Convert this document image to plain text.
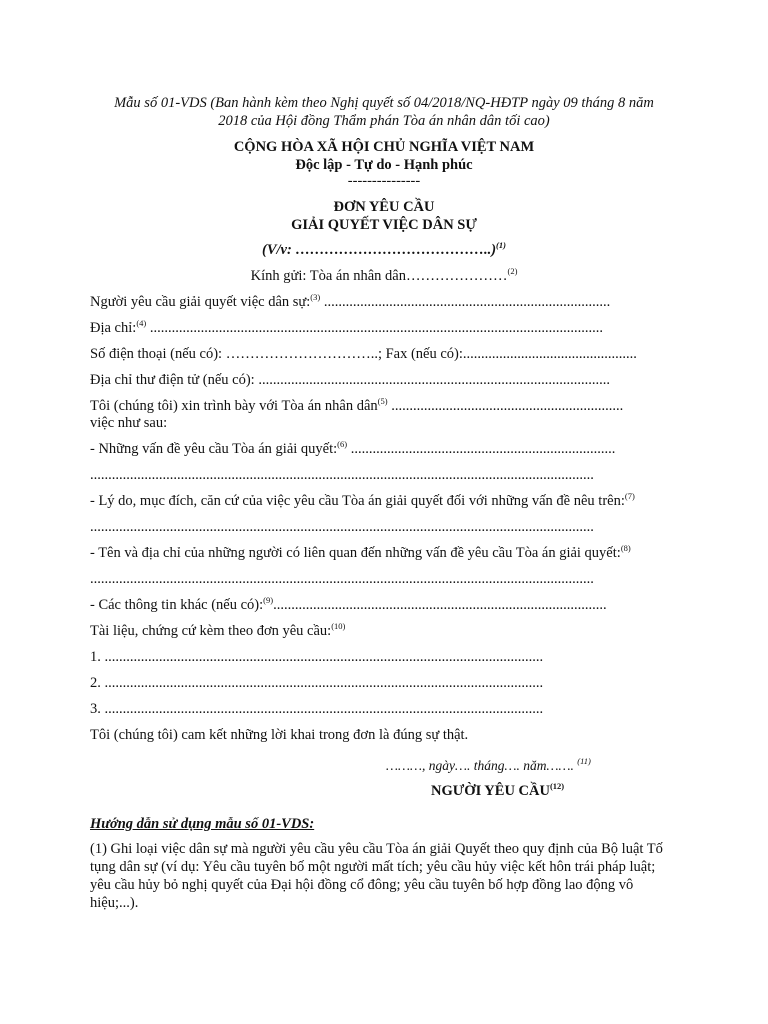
Mẫu số 01-VDS (Ban hành kèm theo Nghị quyết số 04/2018/NQ-HĐTP ngày 09 tháng 8 năm
2018 của Hội đồng Thẩm phán Tòa án nhân dân tối cao)
CỘNG HÒA XÃ HỘI CHỦ NGHĨA VIỆT NAM
Độc lập - Tự do - Hạnh phúc
---------------
ĐƠN YÊU CẦU
GIẢI QUYẾT VIỆC DÂN SỰ
(V/v: …………………………………..)$^{(1)}$
Kính gửi: Tòa án nhân dân…………………$^{(2)}$
Người yêu cầu giải quyết việc dân sự:$^{(3)}$ ...............................................................................
Địa chỉ:$^{(4)}$ .............................................................................................................................
Số điện thoại (nếu có): …………………………..; Fax (nếu có):................................................
Địa chỉ thư điện tử (nếu có): .................................................................................................
Tôi (chúng tôi) xin trình bày với Tòa án nhân dân$^{(5)}$ ................................................................
việc như sau:
- Những vấn đề yêu cầu Tòa án giải quyết:$^{(6)}$ .........................................................................
...........................................................................................................................................
- Lý do, mục đích, căn cứ của việc yêu cầu Tòa án giải quyết đối với những vấn đề nêu trên:$^{(7)}$
...........................................................................................................................................
- Tên và địa chỉ của những người có liên quan đến những vấn đề yêu cầu Tòa án giải quyết:$^{(8)}$
...........................................................................................................................................
- Các thông tin khác (nếu có):$^{(9)}$............................................................................................
Tài liệu, chứng cứ kèm theo đơn yêu cầu:$^{(10)}$
1. .........................................................................................................................
2. .........................................................................................................................
3. .........................................................................................................................
Tôi (chúng tôi) cam kết những lời khai trong đơn là đúng sự thật.
………, ngày…. tháng…. năm……. $^{(11)}$
NGƯỜI YÊU CẦU$^{(12)}$
Hướng dẫn sử dụng mẫu số 01-VDS:
(1) Ghi loại việc dân sự mà người yêu cầu yêu cầu Tòa án giải Quyết theo quy định của Bộ luật Tố tụng dân sự (ví dụ: Yêu cầu tuyên bố một người mất tích; yêu cầu hủy việc kết hôn trái pháp luật; yêu cầu hủy bỏ nghị quyết của Đại hội đồng cổ đông; yêu cầu tuyên bố hợp đồng lao động vô hiệu;...).
